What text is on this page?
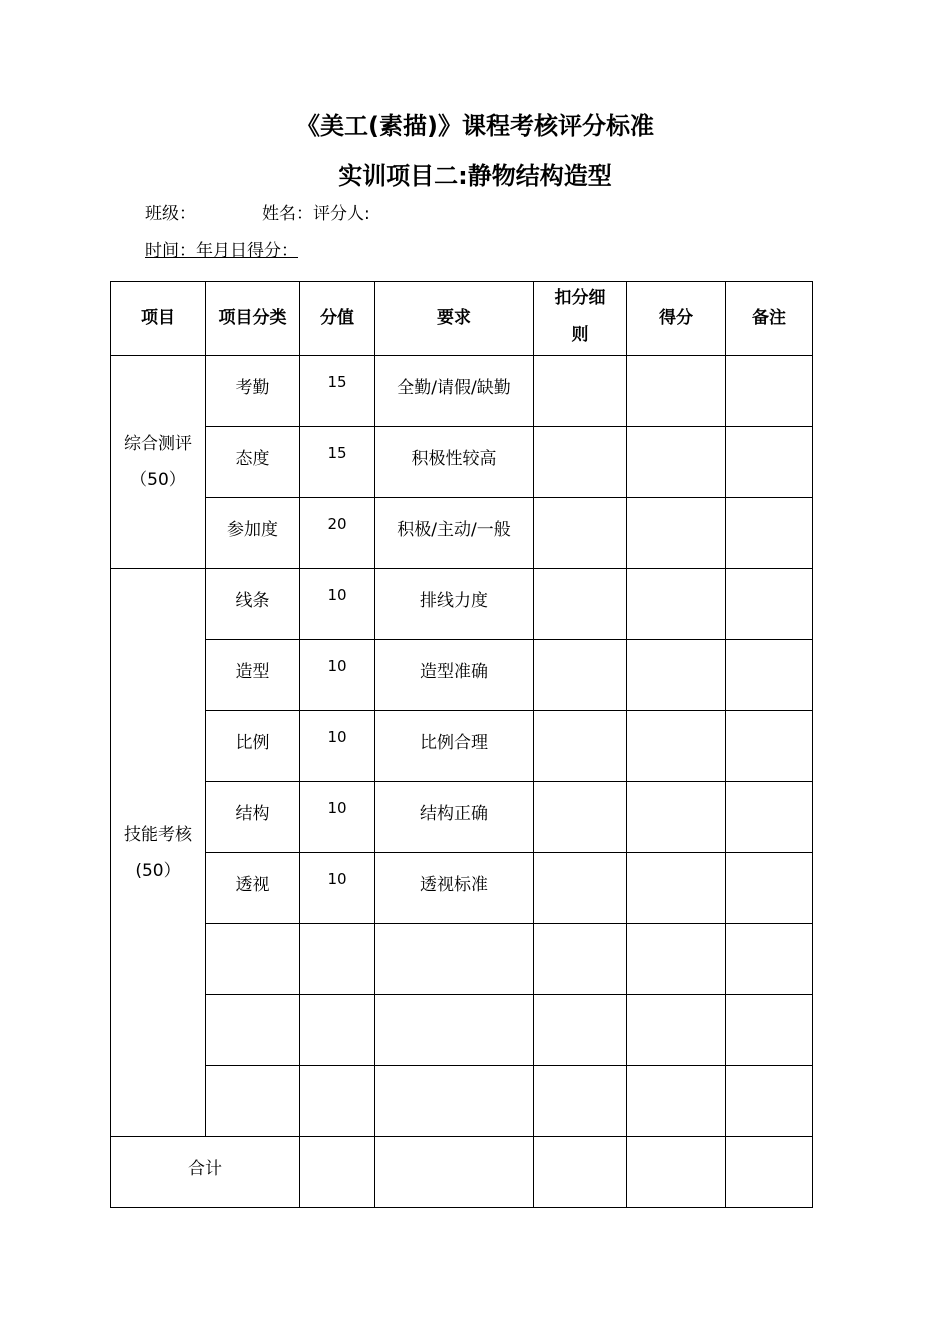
《美工(素描)》课程考核评分标准
实训项目二:静物结构造型
班级：	姓名：评分人:
时间：年月日得分：
项目	项目分类	分值	要求	扣分细则	得分	备注

综合测评
（50）	考勤	15	全勤/请假/缺勤			

	态度	15	积极性较高			

	参加度	20	积极/主动/一般			

技能考核
(50）	线条	10	排线力度			

	造型	10	造型准确			

	比例	10	比例合理			

	结构	10	结构正确			

	透视	10	透视标准			

合计						
